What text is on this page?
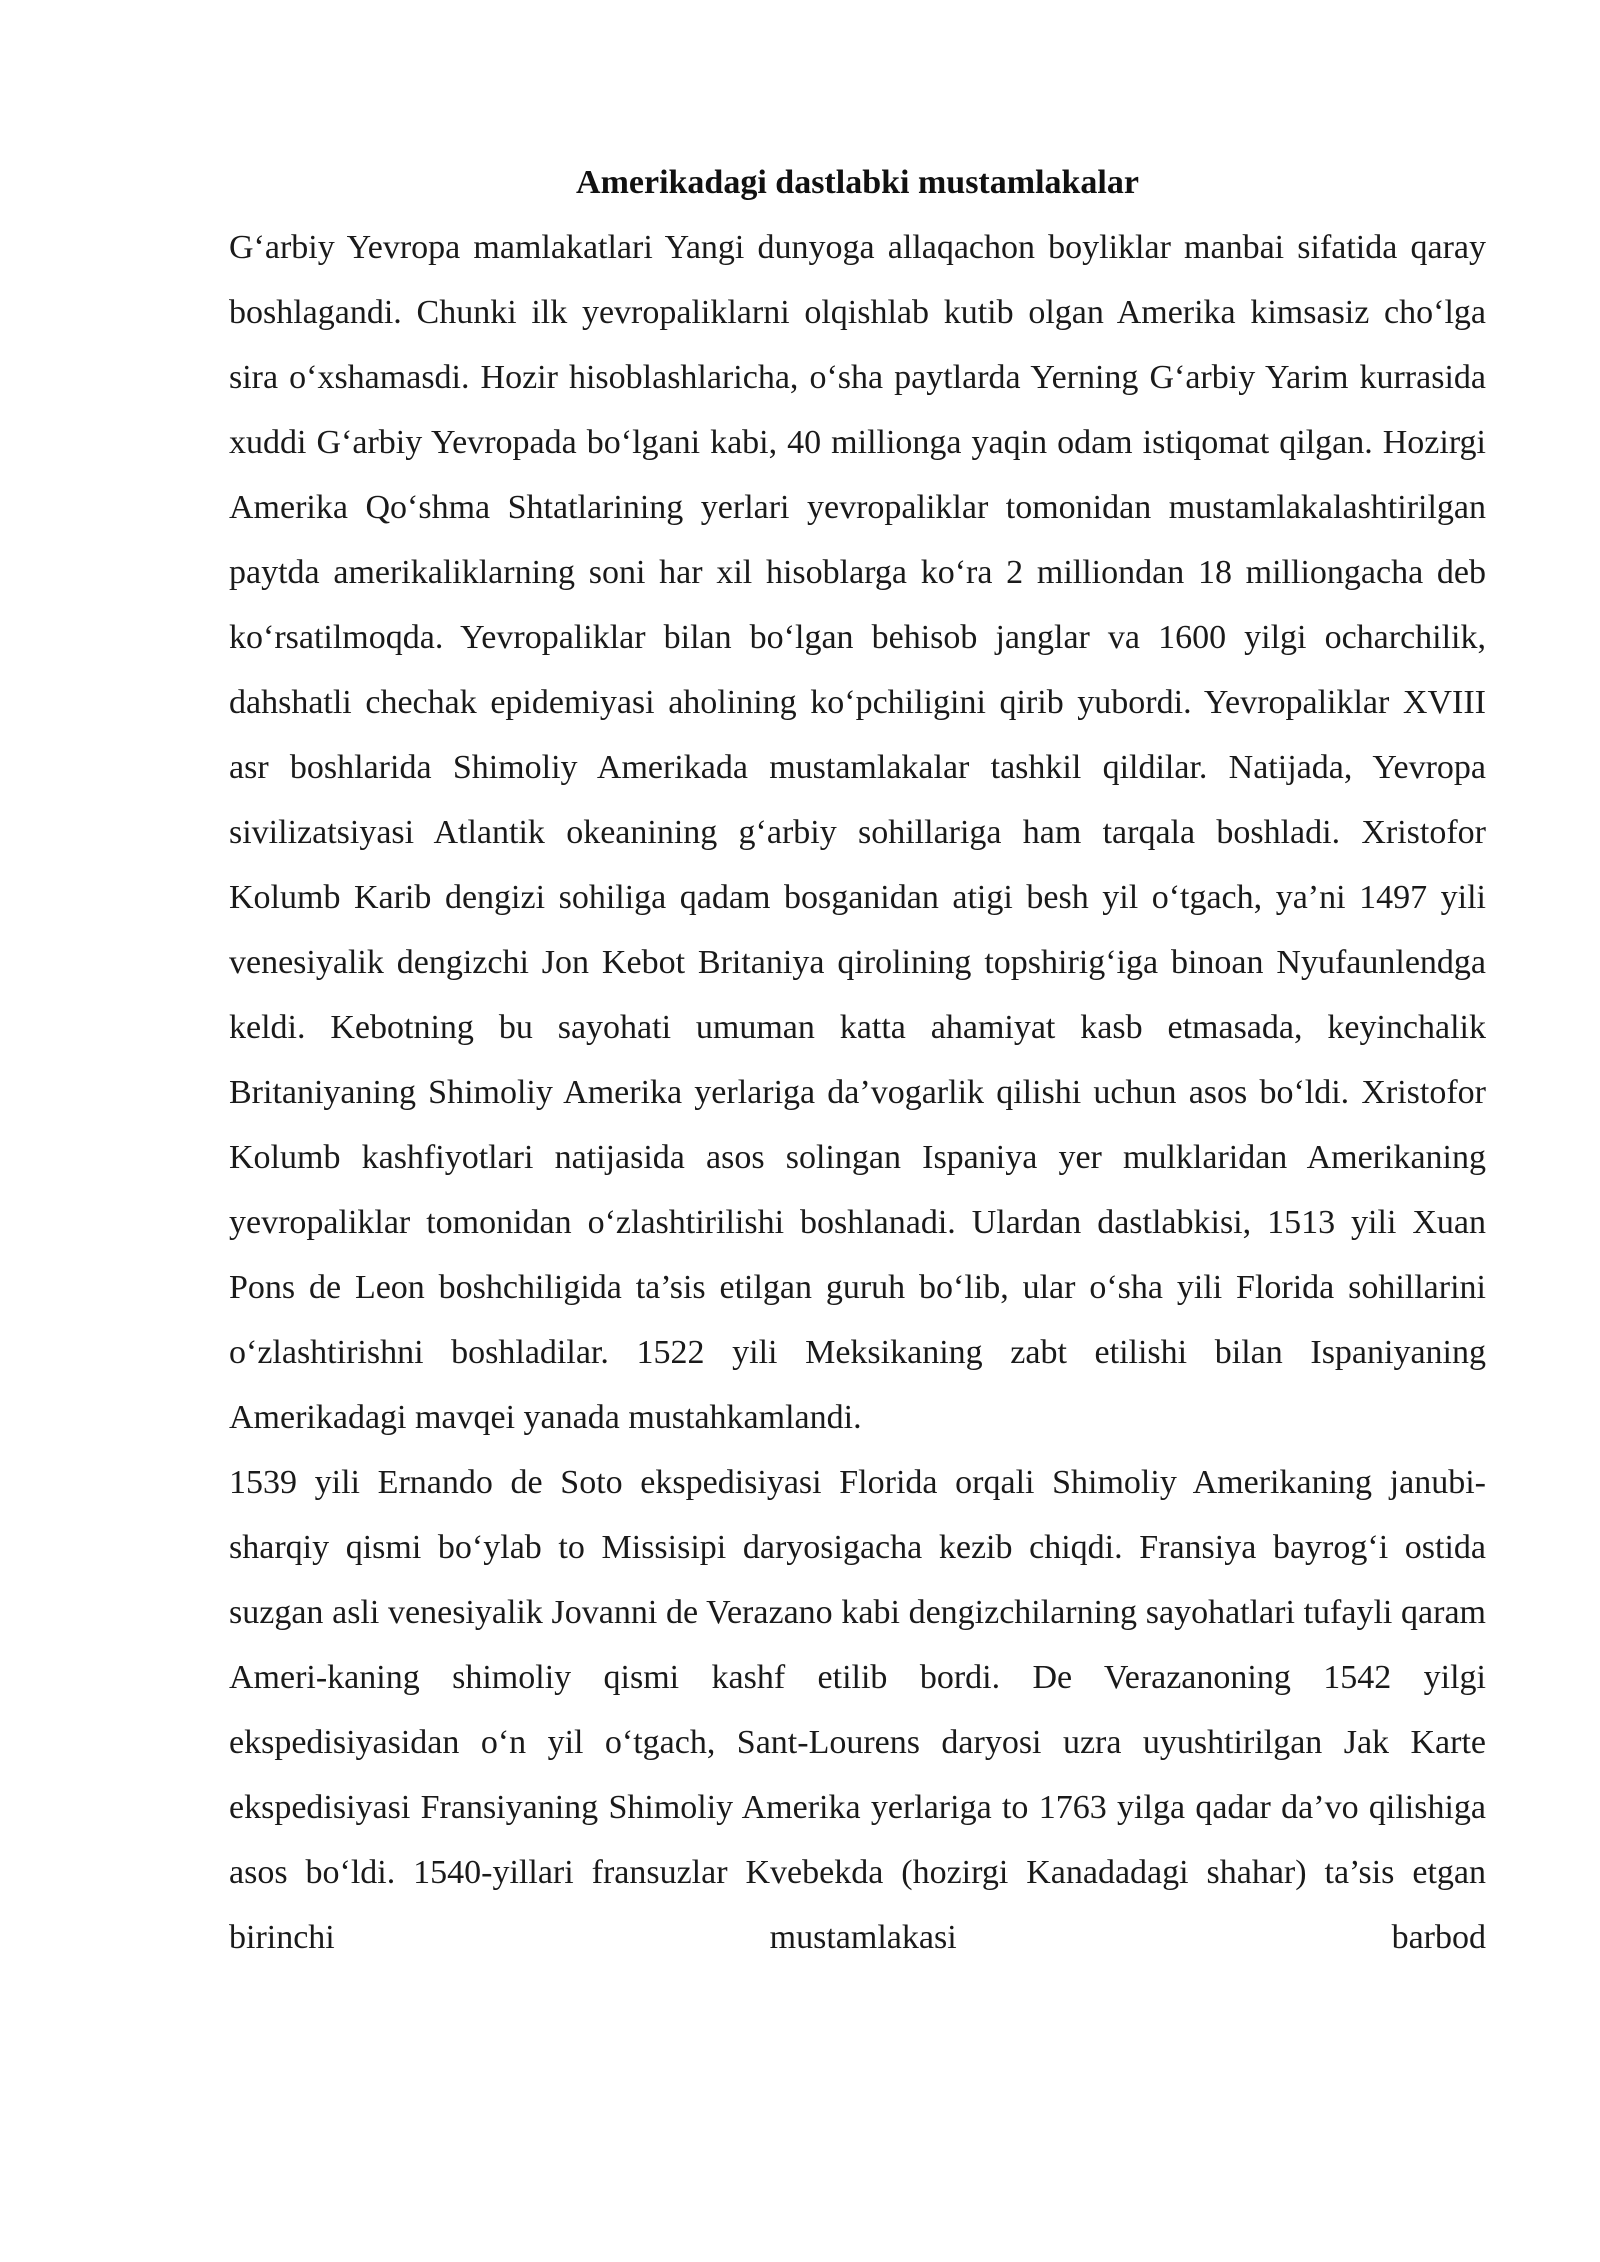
Amerikadagi dastlabki mustamlakalar

G‘arbiy Yevropa mamlakatlari Yangi dunyoga allaqachon boyliklar manbai sifatida qaray boshlagandi. Chunki ilk yevropaliklarni olqishlab kutib olgan Amerika kimsasiz cho‘lga sira o‘xshamasdi. Hozir hisoblashlaricha, o‘sha paytlarda Yerning G‘arbiy Yarim kurrasida xuddi G‘arbiy Yevropada bo‘lgani kabi, 40 millionga yaqin odam istiqomat qilgan. Hozirgi Amerika Qo‘shma Shtatlarining yerlari yevropaliklar tomonidan mustamlakalashtirilgan paytda amerikaliklarning soni har xil hisoblarga ko‘ra 2 milliondan 18 milliongacha deb ko‘rsatilmoqda. Yevropaliklar bilan bo‘lgan behisob janglar va 1600 yilgi ocharchilik, dahshatli chechak epidemiyasi aholining ko‘pchiligini qirib yubordi. Yevropaliklar XVIII asr boshlarida Shimoliy Amerikada mustamlakalar tashkil qildilar. Natijada, Yevropa sivilizatsiyasi Atlantik okeanining g‘arbiy sohillariga ham tarqala boshladi. Xristofor Kolumb Karib dengizi sohiliga qadam bosganidan atigi besh yil o‘tgach, ya’ni 1497 yili venesiyalik dengizchi Jon Kebot Britaniya qirolining topshirig‘iga binoan Nyufaunlendga keldi. Kebotning bu sayohati umuman katta ahamiyat kasb etmasada, keyinchalik Britaniyaning Shimoliy Amerika yerlariga da’vogarlik qilishi uchun asos bo‘ldi. Xristofor Kolumb kashfiyotlari natijasida asos solingan Ispaniya yer mulklaridan Amerikaning yevropaliklar tomonidan o‘zlashtirilishi boshlanadi. Ulardan dastlabkisi, 1513 yili Xuan Pons de Leon boshchiligida ta’sis etilgan guruh bo‘lib, ular o‘sha yili Florida sohillarini o‘zlashtirishni boshladilar. 1522 yili Meksikaning zabt etilishi bilan Ispaniyaning Amerikadagi mavqei yanada mustahkamlandi.

1539 yili Ernando de Soto ekspedisiyasi Florida orqali Shimoliy Amerikaning janubi-sharqiy qismi bo‘ylab to Missisipi daryosigacha kezib chiqdi. Fransiya bayrog‘i ostida suzgan asli venesiyalik Jovanni de Verazano kabi dengizchilarning sayohatlari tufayli qaram Ameri-kaning shimoliy qismi kashf etilib bordi. De Verazanoning 1542 yilgi ekspedisiyasidan o‘n yil o‘tgach, Sant-Lourens daryosi uzra uyushtirilgan Jak Karte ekspedisiyasi Fransiyaning Shimoliy Amerika yerlariga to 1763 yilga qadar da’vo qilishiga asos bo‘ldi. 1540-yillari fransuzlar Kvebekda (hozirgi Kanadadagi shahar) ta’sis etgan birinchi mustamlakasi barbod
